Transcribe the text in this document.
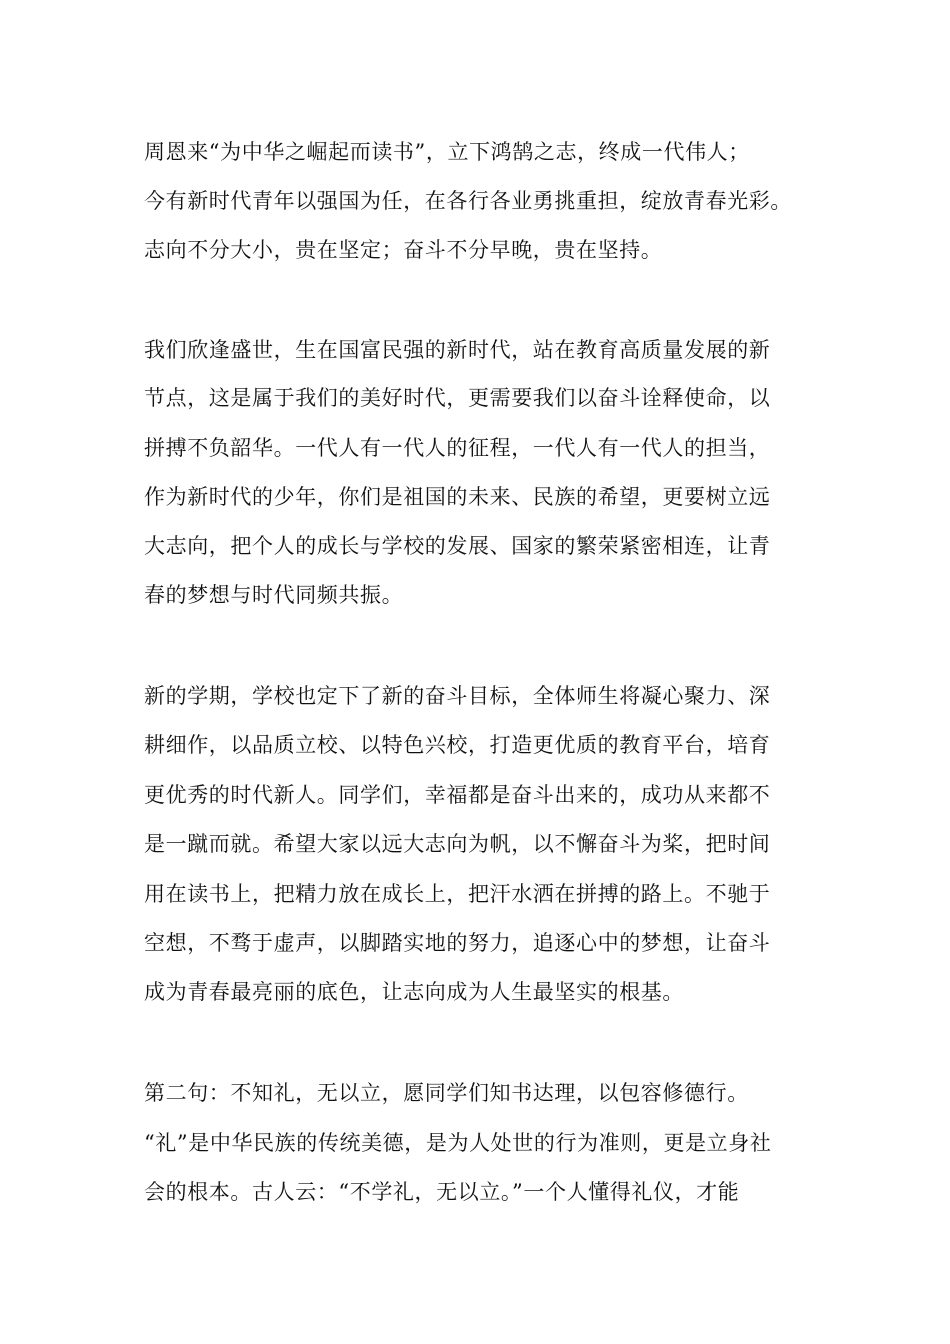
周恩来“为中华之崛起而读书”，立下鸿鹄之志，终成一代伟人；
今有新时代青年以强国为任，在各行各业勇挑重担，绽放青春光彩。
志向不分大小，贵在坚定；奋斗不分早晚，贵在坚持。
我们欣逢盛世，生在国富民强的新时代，站在教育高质量发展的新
节点，这是属于我们的美好时代，更需要我们以奋斗诠释使命，以
拼搏不负韶华。一代人有一代人的征程，一代人有一代人的担当，
作为新时代的少年，你们是祖国的未来、民族的希望，更要树立远
大志向，把个人的成长与学校的发展、国家的繁荣紧密相连，让青
春的梦想与时代同频共振。
新的学期，学校也定下了新的奋斗目标，全体师生将凝心聚力、深
耕细作，以品质立校、以特色兴校，打造更优质的教育平台，培育
更优秀的时代新人。同学们，幸福都是奋斗出来的，成功从来都不
是一蹴而就。希望大家以远大志向为帆，以不懈奋斗为桨，把时间
用在读书上，把精力放在成长上，把汗水洒在拼搏的路上。不驰于
空想，不骛于虚声，以脚踏实地的努力，追逐心中的梦想，让奋斗
成为青春最亮丽的底色，让志向成为人生最坚实的根基。
第二句：不知礼，无以立，愿同学们知书达理，以包容修德行。
“礼”是中华民族的传统美德，是为人处世的行为准则，更是立身社
会的根本。古人云：“不学礼，无以立。”一个人懂得礼仪，才能
